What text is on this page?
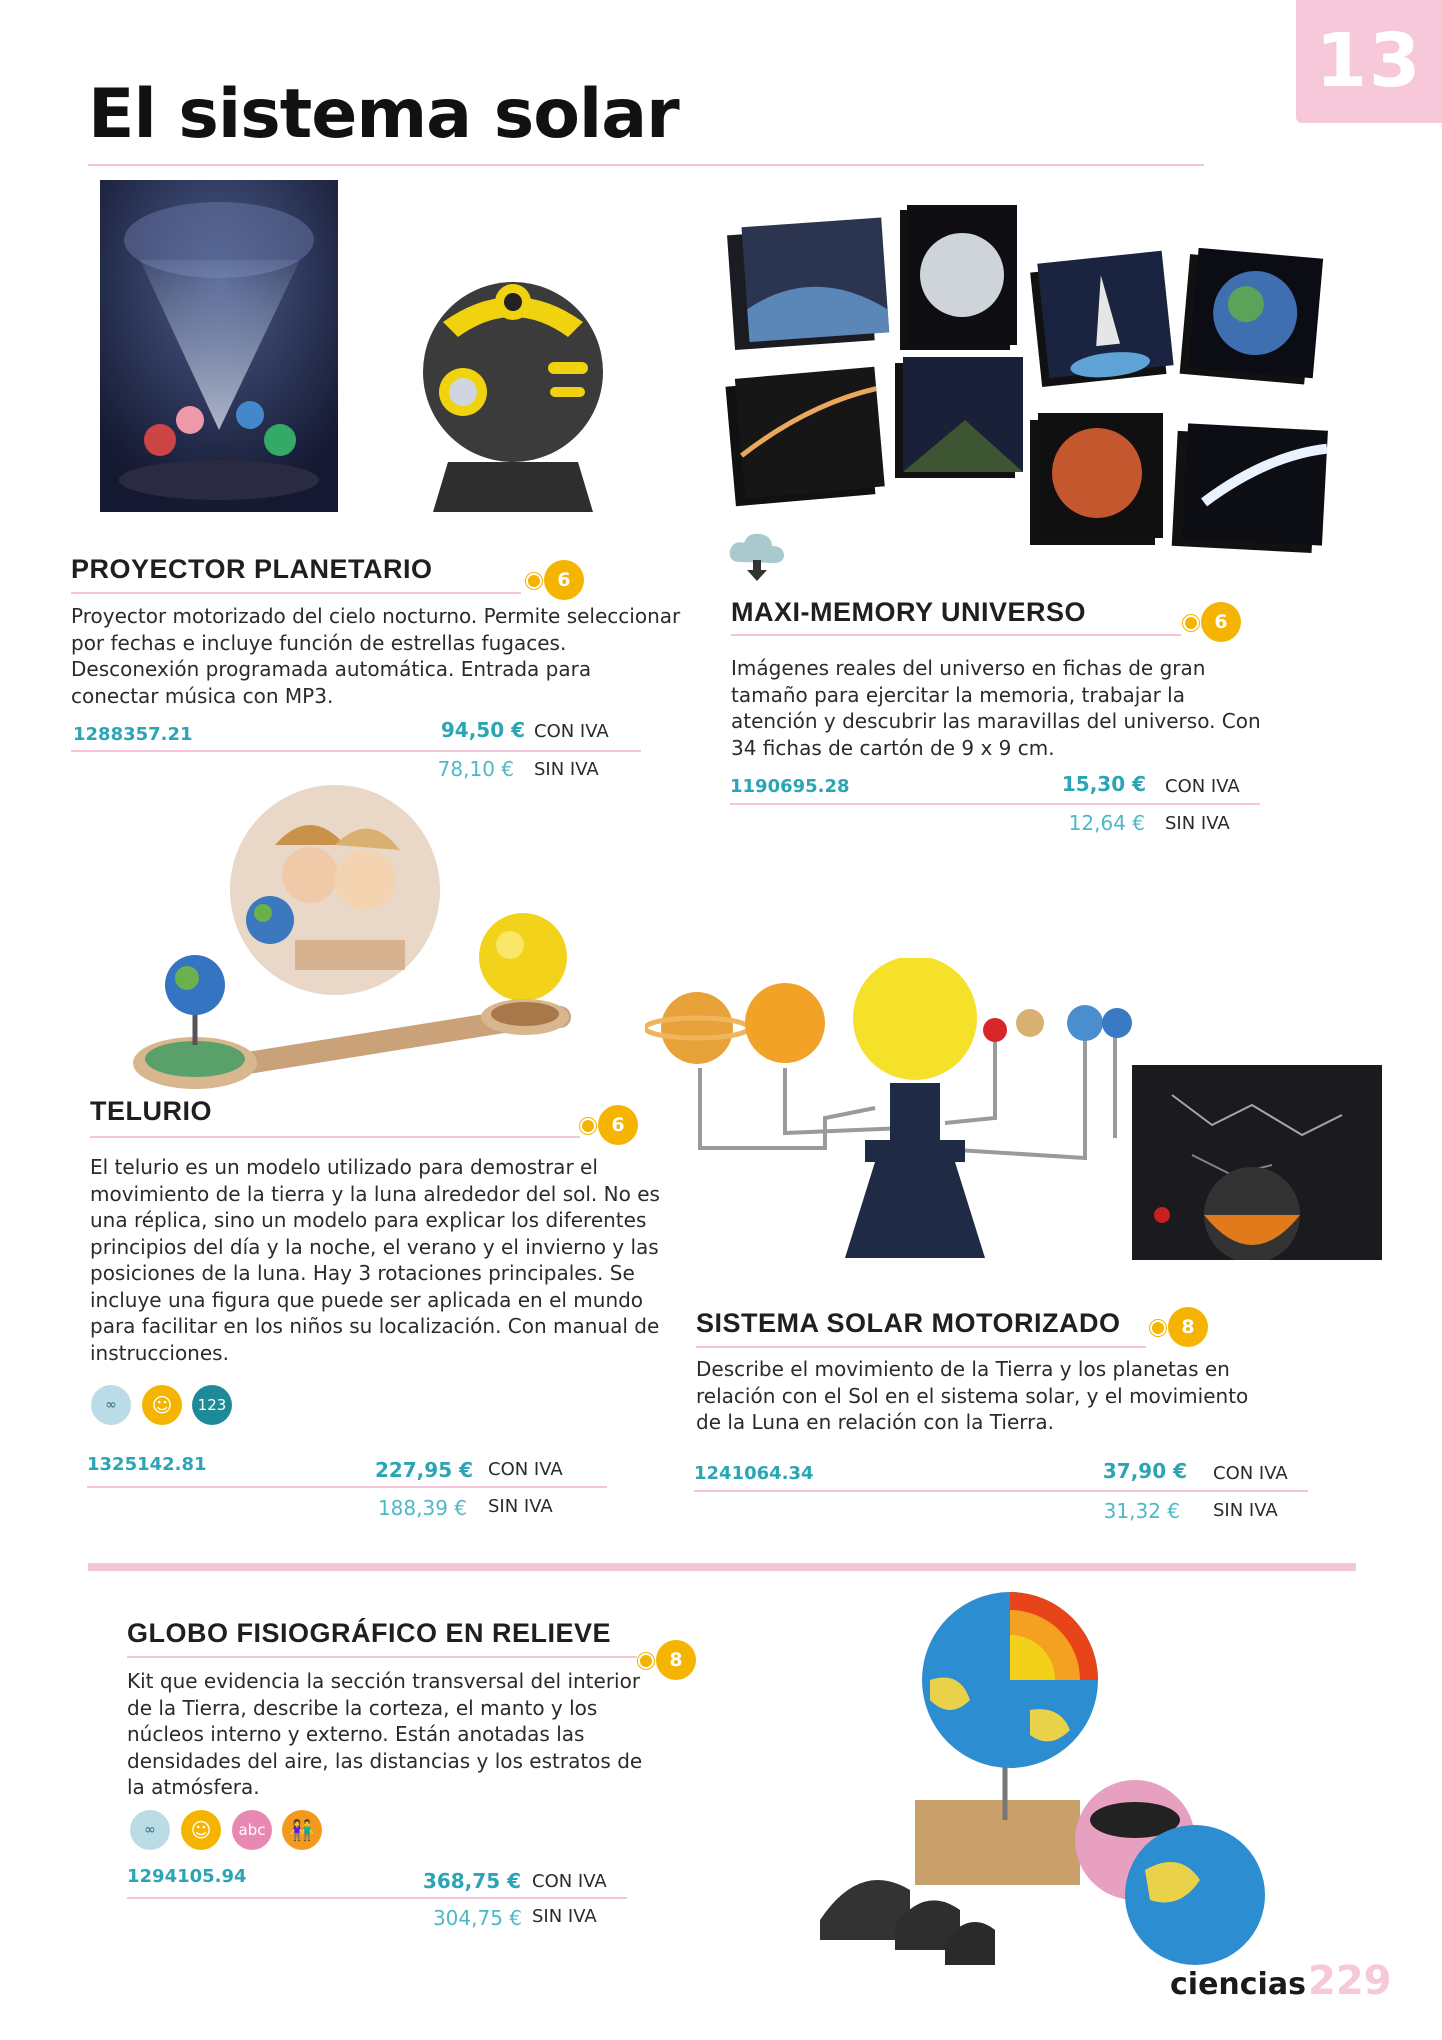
13
El sistema solar
PROYECTOR PLANETARIO	6

Proyector motorizado del cielo nocturno. Permite seleccionar por fechas e incluye función de estrellas fugaces. Desconexión programada automática. Entrada para conectar música con MP3.

1288357.21	94,50 € CON IVA
78,10 € SIN IVA
MAXI-MEMORY UNIVERSO	6

Imágenes reales del universo en fichas de gran tamaño para ejercitar la memoria, trabajar la atención y descubrir las maravillas del universo. Con 34 fichas de cartón de 9 x 9 cm.

1190695.28	15,30 € CON IVA
12,64 € SIN IVA
TELURIO	6

El telurio es un modelo utilizado para demostrar el movimiento de la tierra y la luna alrededor del sol. No es una réplica, sino un modelo para explicar los diferentes principios del día y la noche, el verano y el invierno y las posiciones de la luna. Hay 3 rotaciones principales. Se incluye una figura que puede ser aplicada en el mundo para facilitar en los niños su localización. Con manual de instrucciones.

∞	☺	123
1325142.81	227,95 € CON IVA
188,39 € SIN IVA
SISTEMA SOLAR MOTORIZADO	8

Describe el movimiento de la Tierra y los planetas en relación con el Sol en el sistema solar, y el movimiento de la Luna en relación con la Tierra.

1241064.34	37,90 € CON IVA
31,32 € SIN IVA
GLOBO FISIOGRÁFICO EN RELIEVE
8

Kit que evidencia la sección transversal del interior de la Tierra, describe la corteza, el manto y los núcleos interno y externo. Están anotadas las densidades del aire, las distancias y los estratos de la atmósfera.

∞	☺	abc	👫
1294105.94	368,75 € CON IVA
304,75 € SIN IVA
ciencias 229
